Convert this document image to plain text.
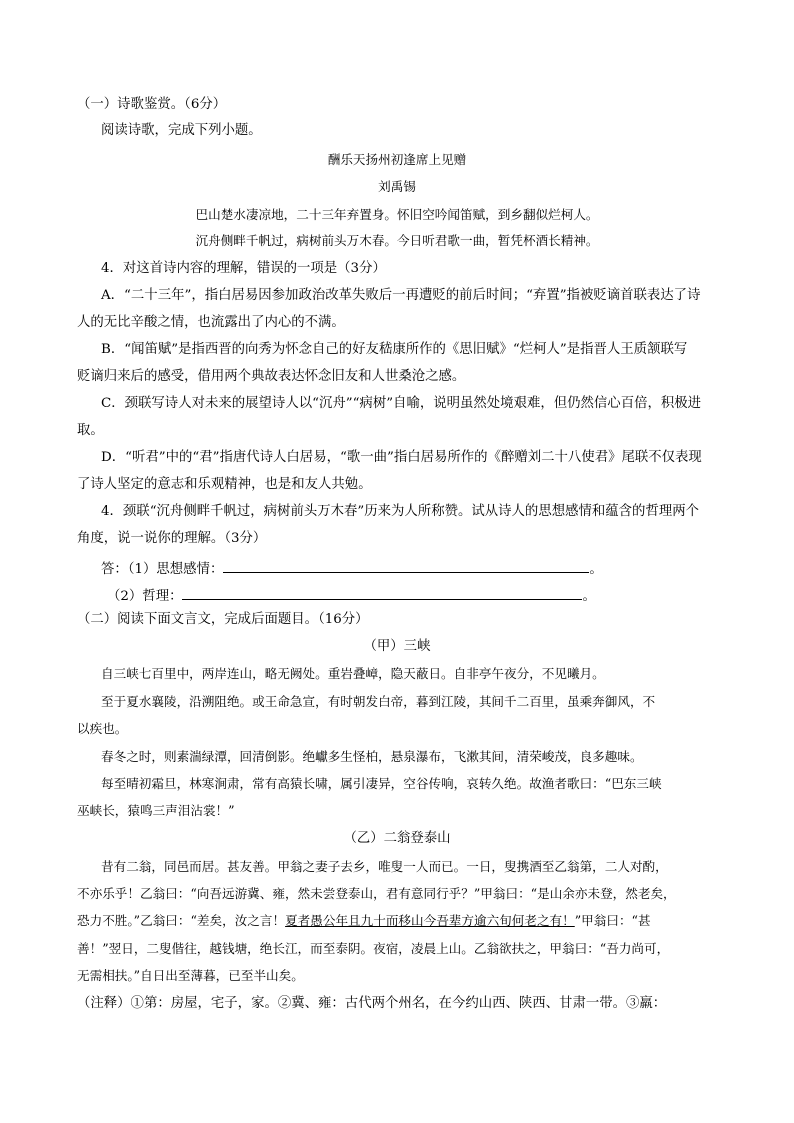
（一）诗歌鉴赏。（6分）
阅读诗歌，完成下列小题。
酬乐天扬州初逢席上见赠
刘禹锡
巴山楚水凄凉地，二十三年弃置身。怀旧空吟闻笛赋，到乡翻似烂柯人。
沉舟侧畔千帆过，病树前头万木春。今日听君歌一曲，暂凭杯酒长精神。
4．对这首诗内容的理解，错误的一项是（3分）
A．“二十三年”，指白居易因参加政治改革失败后一再遭贬的前后时间；“弃置”指被贬谪首联表达了诗
人的无比辛酸之情，也流露出了内心的不满。
B．“闻笛赋”是指西晋的向秀为怀念自己的好友嵇康所作的《思旧赋》“烂柯人”是指晋人王质颔联写
贬谪归来后的感受，借用两个典故表达怀念旧友和人世桑沧之感。
C．颈联写诗人对未来的展望诗人以“沉舟”“病树”自喻，说明虽然处境艰难，但仍然信心百倍，积极进
取。
D．“听君”中的“君”指唐代诗人白居易，“歌一曲”指白居易所作的《醉赠刘二十八使君》尾联不仅表现
了诗人坚定的意志和乐观精神，也是和友人共勉。
4．颈联“沉舟侧畔千帆过，病树前头万木春”历来为人所称赞。试从诗人的思想感情和蕴含的哲理两个
角度，说一说你的理解。（3分）
答：（1）思想感情：	。
（2）哲理：	。
（二）阅读下面文言文，完成后面题目。（16分）
（甲）三峡
自三峡七百里中，两岸连山，略无阙处。重岩叠嶂，隐天蔽日。自非亭午夜分，不见曦月。
至于夏水襄陵，沿溯阻绝。或王命急宣，有时朝发白帝，暮到江陵，其间千二百里，虽乘奔御风，不
以疾也。
春冬之时，则素湍绿潭，回清倒影。绝巘多生怪柏，悬泉瀑布，飞漱其间，清荣峻茂，良多趣味。
每至晴初霜旦，林寒涧肃，常有高猿长啸，属引凄异，空谷传响，哀转久绝。故渔者歌曰：“巴东三峡
巫峡长，猿鸣三声泪沾裳！”
（乙）二翁登泰山
昔有二翁，同邑而居。甚友善。甲翁之妻子去乡，唯叟一人而已。一日，叟携酒至乙翁第，二人对酌，
不亦乐乎！乙翁曰：“向吾远游冀、雍，然未尝登泰山，君有意同行乎？”甲翁曰：“是山余亦未登，然老矣，
恐力不胜。”乙翁曰：“差矣，汝之言！夏者愚公年且九十而移山今吾辈方逾六旬何老之有！”甲翁曰：“甚
善！”翌日，二叟偕往，越钱塘，绝长江，而至泰阴。夜宿，凌晨上山。乙翁欲扶之，甲翁曰：“吾力尚可，
无需相扶。”自日出至薄暮，已至半山矣。
（注释）①第：房屋，宅子，家。②冀、雍：古代两个州名，在今约山西、陕西、甘肃一带。③羸：
